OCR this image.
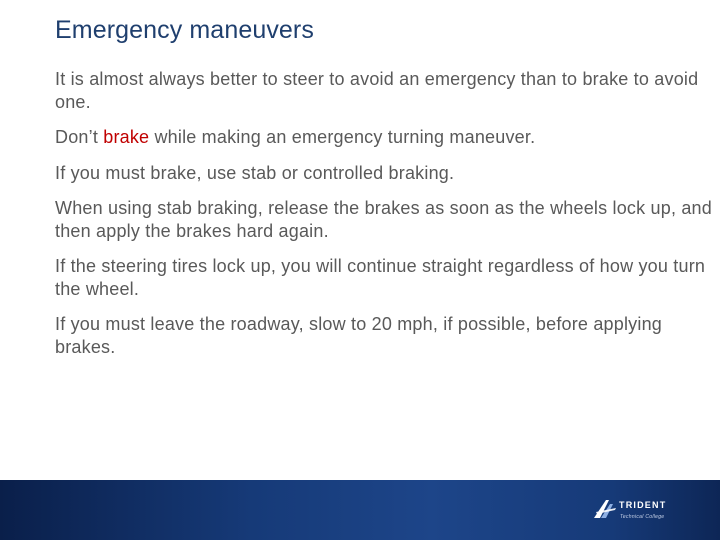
Emergency maneuvers
It is almost always better to steer to avoid an emergency than to brake to avoid one.
Don’t brake while making an emergency turning maneuver.
If you must brake, use stab or controlled braking.
When using stab braking, release the brakes as soon as the wheels lock up, and then apply the brakes hard again.
If the steering tires lock up, you will continue straight regardless of how you turn the wheel.
If you must leave the roadway, slow to 20 mph, if possible, before applying brakes.
TRIDENT
Technical College
